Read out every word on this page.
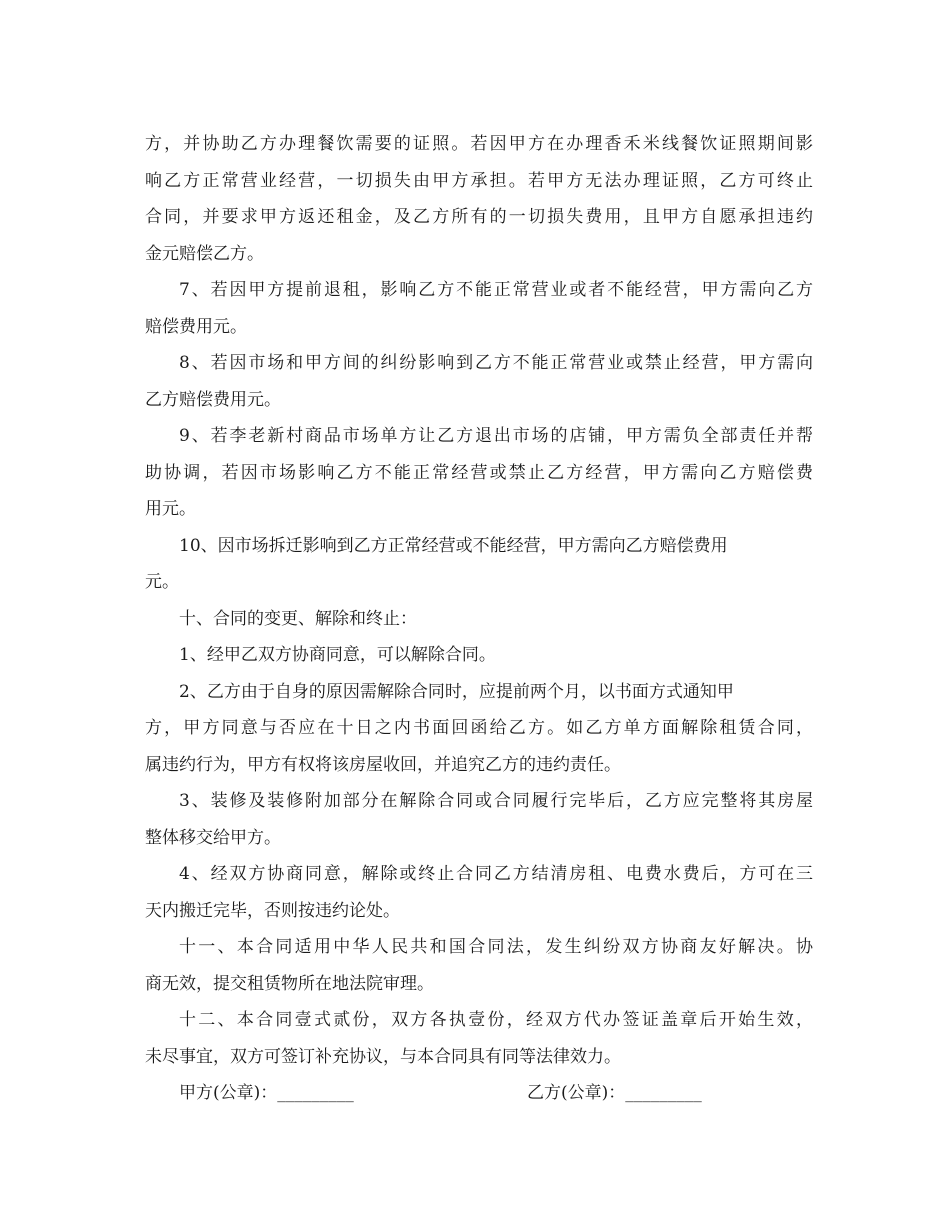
方，并协助乙方办理餐饮需要的证照。若因甲方在办理香禾米线餐饮证照期间影
响乙方正常营业经营，一切损失由甲方承担。若甲方无法办理证照，乙方可终止
合同，并要求甲方返还租金，及乙方所有的一切损失费用，且甲方自愿承担违约
金元赔偿乙方。
7、若因甲方提前退租，影响乙方不能正常营业或者不能经营，甲方需向乙方
赔偿费用元。
8、若因市场和甲方间的纠纷影响到乙方不能正常营业或禁止经营，甲方需向
乙方赔偿费用元。
9、若李老新村商品市场单方让乙方退出市场的店铺，甲方需负全部责任并帮
助协调，若因市场影响乙方不能正常经营或禁止乙方经营，甲方需向乙方赔偿费
用元。
10、因市场拆迁影响到乙方正常经营或不能经营，甲方需向乙方赔偿费用
元。
十、合同的变更、解除和终止：
1、经甲乙双方协商同意，可以解除合同。
2、乙方由于自身的原因需解除合同时，应提前两个月，以书面方式通知甲
方，甲方同意与否应在十日之内书面回函给乙方。如乙方单方面解除租赁合同，
属违约行为，甲方有权将该房屋收回，并追究乙方的违约责任。
3、装修及装修附加部分在解除合同或合同履行完毕后，乙方应完整将其房屋
整体移交给甲方。
4、经双方协商同意，解除或终止合同乙方结清房租、电费水费后，方可在三
天内搬迁完毕，否则按违约论处。
十一、本合同适用中华人民共和国合同法，发生纠纷双方协商友好解决。协
商无效，提交租赁物所在地法院审理。
十二、本合同壹式贰份，双方各执壹份，经双方代办签证盖章后开始生效，
未尽事宜，双方可签订补充协议，与本合同具有同等法律效力。
甲方(公章)：_________	乙方(公章)：_________
